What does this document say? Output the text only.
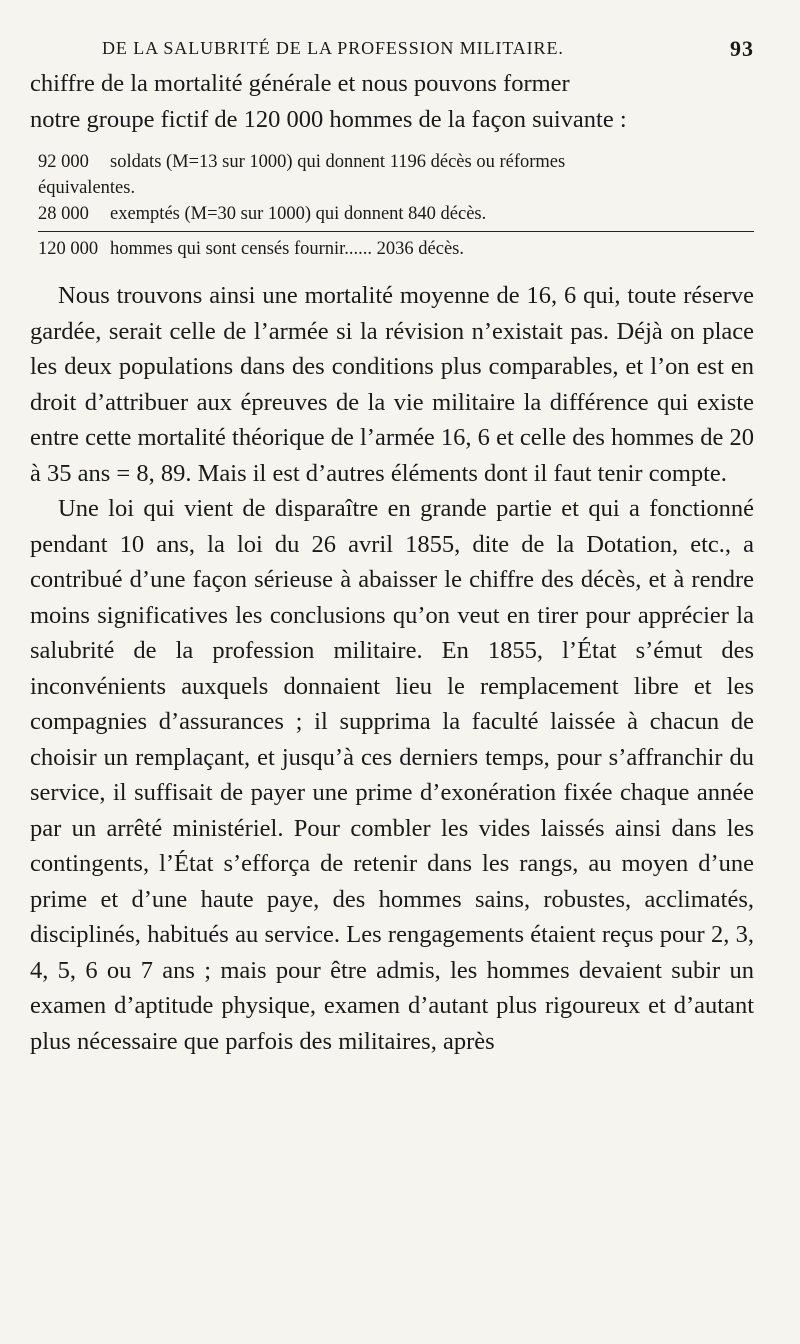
DE LA SALUBRITÉ DE LA PROFESSION MILITAIRE.	93

chiffre de la mortalité générale et nous pouvons former

notre groupe fictif de 120 000 hommes de la façon suivante :

92 000	soldats (M=13 sur 1000) qui donnent 1196 décès ou réformes
équivalentes.
28 000	exemptés (M=30 sur 1000) qui donnent 840 décès.
120 000 hommes qui sont censés fournir...... 2036 décès.

Nous trouvons ainsi une mortalité moyenne de 16, 6 qui, toute réserve gardée, serait celle de l’armée si la révision n’existait pas. Déjà on place les deux populations dans des conditions plus comparables, et l’on est en droit d’attribuer aux épreuves de la vie militaire la différence qui existe entre cette mortalité théorique de l’armée 16, 6 et celle des hommes de 20 à 35 ans = 8, 89. Mais il est d’autres éléments dont il faut tenir compte.

Une loi qui vient de disparaître en grande partie et qui a fonctionné pendant 10 ans, la loi du 26 avril 1855, dite de la Dotation, etc., a contribué d’une façon sérieuse à abaisser le chiffre des décès, et à rendre moins significatives les conclusions qu’on veut en tirer pour apprécier la salubrité de la profession militaire. En 1855, l’État s’émut des inconvénients auxquels donnaient lieu le remplacement libre et les compagnies d’assurances ; il supprima la faculté laissée à chacun de choisir un remplaçant, et jusqu’à ces derniers temps, pour s’affranchir du service, il suffisait de payer une prime d’exonération fixée chaque année par un arrêté ministériel. Pour combler les vides laissés ainsi dans les contingents, l’État s’efforça de retenir dans les rangs, au moyen d’une prime et d’une haute paye, des hommes sains, robustes, acclimatés, disciplinés, habitués au service. Les rengagements étaient reçus pour 2, 3, 4, 5, 6 ou 7 ans ; mais pour être admis, les hommes devaient subir un examen d’aptitude physique, examen d’autant plus rigoureux et d’autant plus nécessaire que parfois des militaires, après
